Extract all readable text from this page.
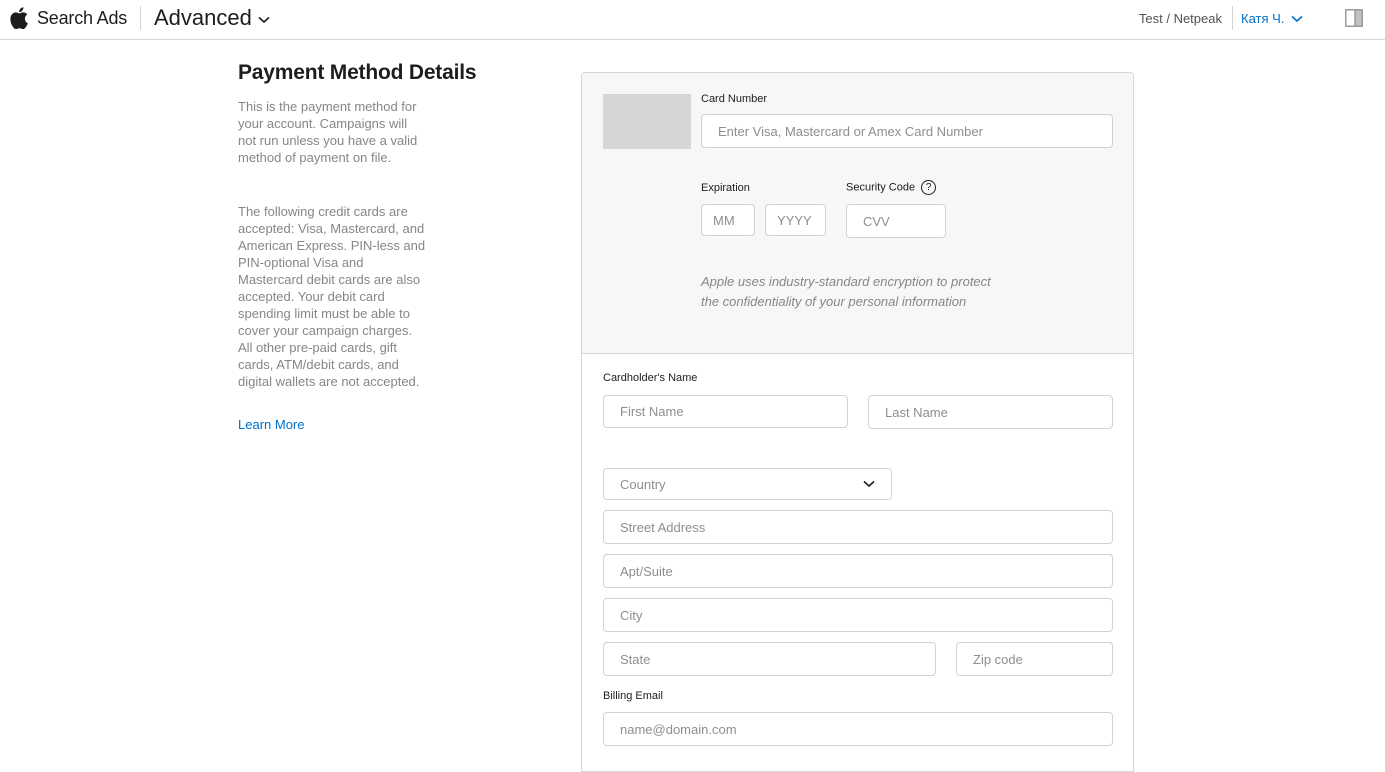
Search Ads Advanced	Test / Netpeak Катя Ч.
Payment Method Details

This is the payment method for your account. Campaigns will not run unless you have a valid method of payment on file.

The following credit cards are accepted: Visa, Mastercard, and American Express. PIN-less and PIN-optional Visa and Mastercard debit cards are also accepted. Your debit card spending limit must be able to cover your campaign charges. All other pre-paid cards, gift cards, ATM/debit cards, and digital wallets are not accepted.

Learn More
Card Number
Enter Visa, Mastercard or Amex Card Number
Expiration
MM
YYYY	Security Code ?
CVV

Apple uses industry-standard encryption to protect the confidentiality of your personal information

Cardholder's Name
First Name
Last Name
Country
Street Address
Apt/Suite
City
State
Zip code
Billing Email
name@domain.com
